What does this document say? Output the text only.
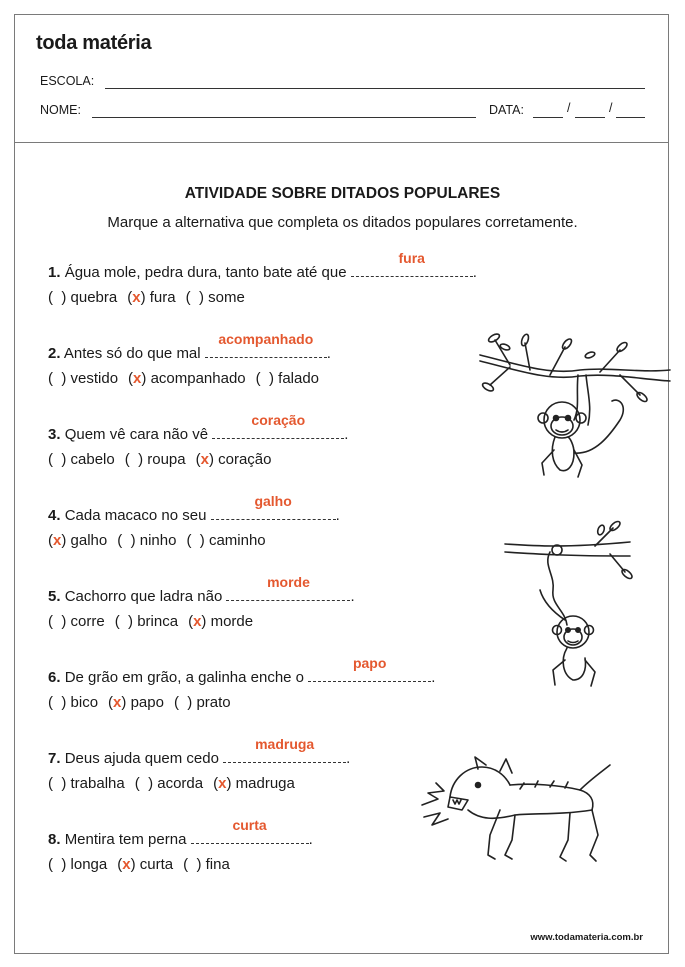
toda matéria
ESCOLA:
NOME:	DATA:	/	/
ATIVIDADE SOBRE DITADOS POPULARES
Marque a alternativa que completa os ditados populares corretamente.
1. Água mole, pedra dura, tanto bate até que
fura
.
( ) quebra (x) fura ( ) some
2. Antes só do que mal
acompanhado
.
( ) vestido (x) acompanhado ( ) falado
3. Quem vê cara não vê
coração
.
( ) cabelo ( ) roupa (x) coração
4. Cada macaco no seu
galho
.
(x) galho ( ) ninho ( ) caminho
5. Cachorro que ladra não
morde
.
( ) corre ( ) brinca (x) morde
6. De grão em grão, a galinha enche o
papo
.
( ) bico (x) papo ( ) prato
7. Deus ajuda quem cedo
madruga
.
( ) trabalha ( ) acorda (x) madruga
8. Mentira tem perna
curta
.
( ) longa (x) curta ( ) fina
www.todamateria.com.br
